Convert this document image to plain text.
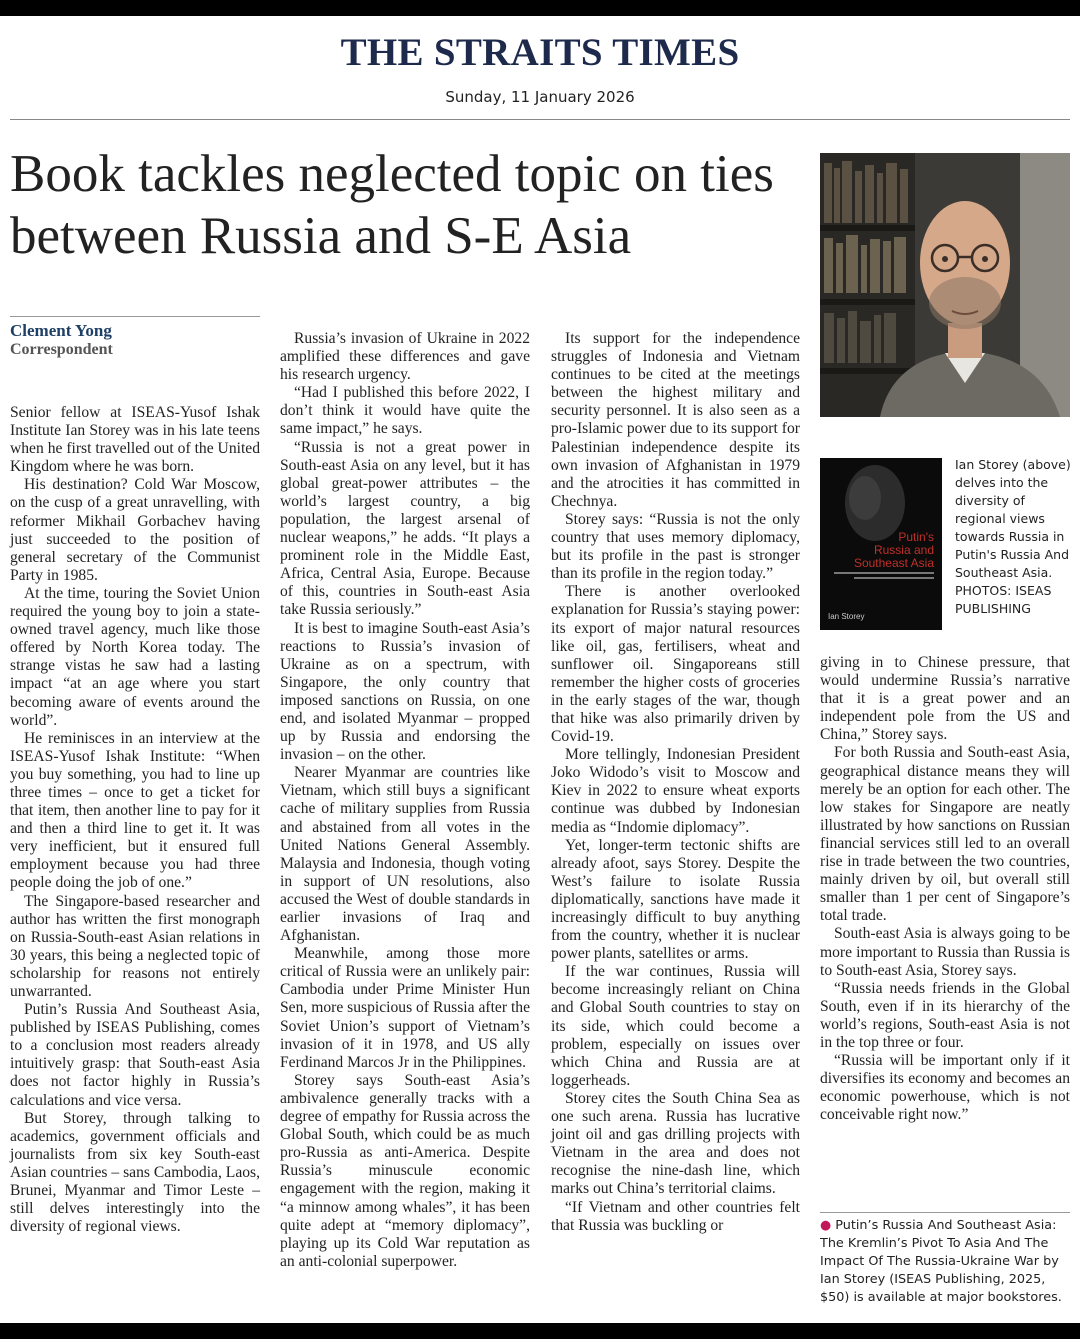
THE STRAITS TIMES
Sunday, 11 January 2026
Book tackles neglected topic on ties between Russia and S-E Asia
Clement Yong
Correspondent

Senior fellow at ISEAS-Yusof Ishak Institute Ian Storey was in his late teens when he first travelled out of the United Kingdom where he was born.

His destination? Cold War Moscow, on the cusp of a great unravelling, with reformer Mikhail Gorbachev having just succeeded to the position of general secretary of the Communist Party in 1985.

At the time, touring the Soviet Union required the young boy to join a state-owned travel agency, much like those offered by North Korea today. The strange vistas he saw had a lasting impact “at an age where you start becoming aware of events around the world”.

He reminisces in an interview at the ISEAS-Yusof Ishak Institute: “When you buy something, you had to line up three times – once to get a ticket for that item, then another line to pay for it and then a third line to get it. It was very inefficient, but it ensured full employment because you had three people doing the job of one.”

The Singapore-based researcher and author has written the first monograph on Russia-South-east Asian relations in 30 years, this being a neglected topic of scholarship for reasons not entirely unwarranted.

Putin’s Russia And Southeast Asia, published by ISEAS Publishing, comes to a conclusion most readers already intuitively grasp: that South-east Asia does not factor highly in Russia’s calculations and vice versa.

But Storey, through talking to academics, government officials and journalists from six key South-east Asian countries – sans Cambodia, Laos, Brunei, Myanmar and Timor Leste – still delves interestingly into the diversity of regional views.

Russia’s invasion of Ukraine in 2022 amplified these differences and gave his research urgency.

“Had I published this before 2022, I don’t think it would have quite the same impact,” he says.

“Russia is not a great power in South-east Asia on any level, but it has global great-power attributes – the world’s largest country, a big population, the largest arsenal of nuclear weapons,” he adds. “It plays a prominent role in the Middle East, Africa, Central Asia, Europe. Because of this, countries in South-east Asia take Russia seriously.”

It is best to imagine South-east Asia’s reactions to Russia’s invasion of Ukraine as on a spectrum, with Singapore, the only country that imposed sanctions on Russia, on one end, and isolated Myanmar – propped up by Russia and endorsing the invasion – on the other.

Nearer Myanmar are countries like Vietnam, which still buys a significant cache of military supplies from Russia and abstained from all votes in the United Nations General Assembly. Malaysia and Indonesia, though voting in support of UN resolutions, also accused the West of double standards in earlier invasions of Iraq and Afghanistan.

Meanwhile, among those more critical of Russia were an unlikely pair: Cambodia under Prime Minister Hun Sen, more suspicious of Russia after the Soviet Union’s support of Vietnam’s invasion of it in 1978, and US ally Ferdinand Marcos Jr in the Philippines.

Storey says South-east Asia’s ambivalence generally tracks with a degree of empathy for Russia across the Global South, which could be as much pro-Russia as anti-America. Despite Russia’s minuscule economic engagement with the region, making it “a minnow among whales”, it has been quite adept at “memory diplomacy”, playing up its Cold War reputation as an anti-colonial superpower.

Its support for the independence struggles of Indonesia and Vietnam continues to be cited at the meetings between the highest military and security personnel. It is also seen as a pro-Islamic power due to its support for Palestinian independence despite its own invasion of Afghanistan in 1979 and the atrocities it has committed in Chechnya.

Storey says: “Russia is not the only country that uses memory diplomacy, but its profile in the past is stronger than its profile in the region today.”

There is another overlooked explanation for Russia’s staying power: its export of major natural resources like oil, gas, fertilisers, wheat and sunflower oil. Singaporeans still remember the higher costs of groceries in the early stages of the war, though that hike was also primarily driven by Covid-19.

More tellingly, Indonesian President Joko Widodo’s visit to Moscow and Kiev in 2022 to ensure wheat exports continue was dubbed by Indonesian media as “Indomie diplomacy”.

Yet, longer-term tectonic shifts are already afoot, says Storey. Despite the West’s failure to isolate Russia diplomatically, sanctions have made it increasingly difficult to buy anything from the country, whether it is nuclear power plants, satellites or arms.

If the war continues, Russia will become increasingly reliant on China and Global South countries to stay on its side, which could become a problem, especially on issues over which China and Russia are at loggerheads.

Storey cites the South China Sea as one such arena. Russia has lucrative joint oil and gas drilling projects with Vietnam in the area and does not recognise the nine-dash line, which marks out China’s territorial claims.

“If Vietnam and other countries felt that Russia was buckling or

Putin's
Russia and
Southeast Asia
Ian Storey
Ian Storey (above) delves into the diversity of regional views towards Russia in Putin's Russia And Southeast Asia. PHOTOS: ISEAS PUBLISHING

giving in to Chinese pressure, that would undermine Russia’s narrative that it is a great power and an independent pole from the US and China,” Storey says.

For both Russia and South-east Asia, geographical distance means they will merely be an option for each other. The low stakes for Singapore are neatly illustrated by how sanctions on Russian financial services still led to an overall rise in trade between the two countries, mainly driven by oil, but overall still smaller than 1 per cent of Singapore’s total trade.

South-east Asia is always going to be more important to Russia than Russia is to South-east Asia, Storey says.

“Russia needs friends in the Global South, even if in its hierarchy of the world’s regions, South-east Asia is not in the top three or four.

“Russia will be important only if it diversifies its economy and becomes an economic powerhouse, which is not conceivable right now.”

● Putin’s Russia And Southeast Asia: The Kremlin’s Pivot To Asia And The Impact Of The Russia-Ukraine War by Ian Storey (ISEAS Publishing, 2025, $50) is available at major bookstores.
